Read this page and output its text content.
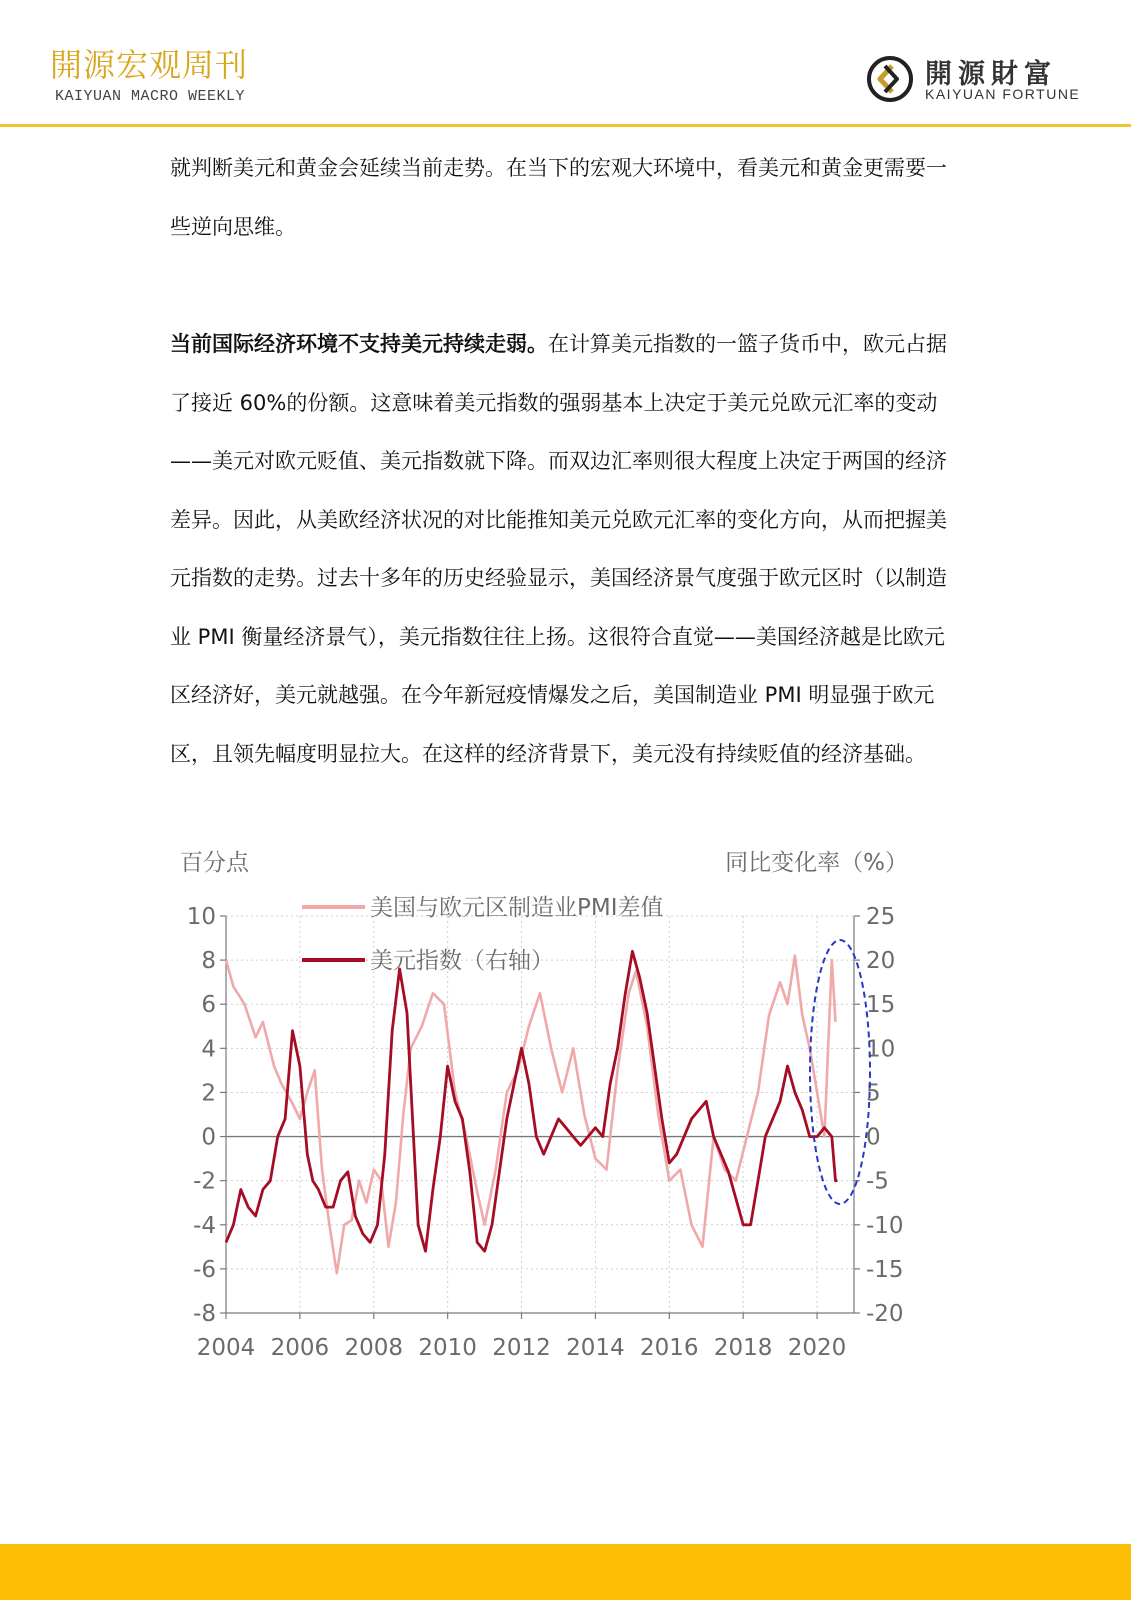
開源宏观周刊
KAIYUAN MACRO WEEKLY
開源財富
KAIYUAN FORTUNE
就判断美元和黄金会延续当前走势。在当下的宏观大环境中，看美元和黄金更需要一些逆向思维。
当前国际经济环境不支持美元持续走弱。在计算美元指数的一篮子货币中，欧元占据了接近 60%的份额。这意味着美元指数的强弱基本上决定于美元兑欧元汇率的变动——美元对欧元贬值、美元指数就下降。而双边汇率则很大程度上决定于两国的经济差异。因此，从美欧经济状况的对比能推知美元兑欧元汇率的变化方向，从而把握美元指数的走势。过去十多年的历史经验显示，美国经济景气度强于欧元区时（以制造业 PMI 衡量经济景气），美元指数往往上扬。这很符合直觉——美国经济越是比欧元区经济好，美元就越强。在今年新冠疫情爆发之后，美国制造业 PMI 明显强于欧元区，且领先幅度明显拉大。在这样的经济背景下，美元没有持续贬值的经济基础。
10
8
6
4
2
0
-2
-4
-6
-8
25
20
15
10
5
0
-5
-10
-15
-20
2004 2006 2008 2010 2012 2014 2016 2018 2020
美国与欧元区制造业PMI差值
美元指数（右轴）
百分点	同比变化率（%）
